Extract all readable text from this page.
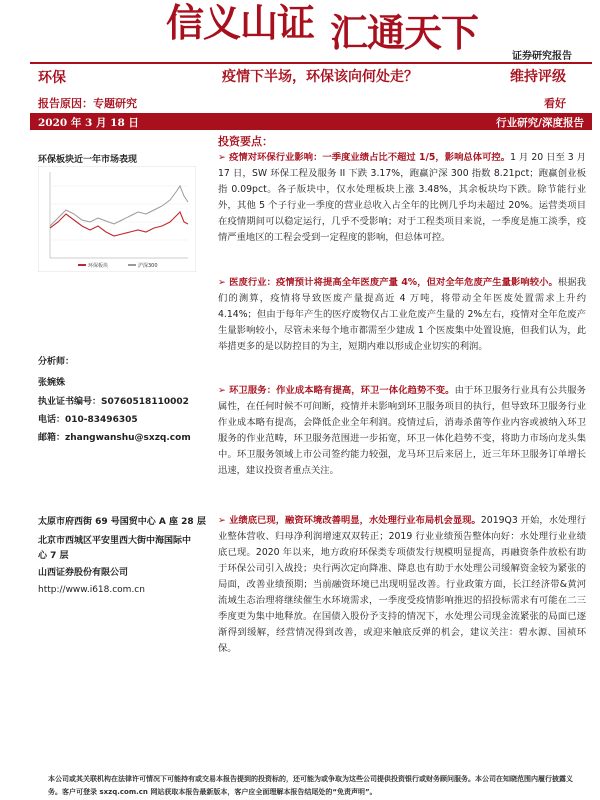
信义山证 汇通天下
证券研究报告
环保	疫情下半场，环保该向何处走？	维持评级
报告原因：专题研究	看好
2020 年 3 月 18 日	行业研究/深度报告
环保板块近一年市场表现
环保板块	沪深300
分析师：
张婉姝
执业证书编号：S0760518110002
电话：010-83496305
邮箱：zhangwanshu@sxzq.com
太原市府西街 69 号国贸中心 A 座 28 层
北京市西城区平安里西大街中海国际中
心 7 层
山西证券股份有限公司
http://www.i618.com.cn
投资要点：
➢ 疫情对环保行业影响：一季度业绩占比不超过 1/5，影响总体可控。1 月 20 日至 3 月 17 日，SW 环保工程及服务 II 下跌 3.17%，跑赢沪深 300 指数 8.21pct；跑赢创业板指 0.09pct。各子版块中，仅水处理板块上涨 3.48%，其余板块均下跌。除节能行业外，其他 5 个子行业一季度的营业总收入占全年的比例几乎均未超过 20%。运营类项目在疫情期间可以稳定运行，几乎不受影响；对于工程类项目来说，一季度是施工淡季，疫情严重地区的工程会受到一定程度的影响，但总体可控。
➢ 医废行业：疫情预计将提高全年医废产量 4%，但对全年危废产生量影响较小。根据我们的测算，疫情将导致医废产量提高近 4 万吨，将带动全年医废处置需求上升约 4.14%；但由于每年产生的医疗废物仅占工业危废产生量的 2%左右，疫情对全年危废产生量影响较小，尽管未来每个地市都需至少建成 1 个医废集中处置设施，但我们认为，此举措更多的是以防控目的为主，短期内难以形成企业切实的利润。
➢ 环卫服务：作业成本略有提高，环卫一体化趋势不变。由于环卫服务行业具有公共服务属性，在任何时候不可间断，疫情并未影响到环卫服务项目的执行，但导致环卫服务行业作业成本略有提高，会降低企业全年利润。疫情过后，消毒杀菌等作业内容或被纳入环卫服务的作业范畴，环卫服务范围进一步拓宽，环卫一体化趋势不变，将助力市场向龙头集中。环卫服务领域上市公司签约能力较强，龙马环卫后来居上，近三年环卫服务订单增长迅速，建议投资者重点关注。
➢ 业绩底已现，融资环境改善明显，水处理行业布局机会显现。2019Q3 开始，水处理行业整体营收、归母净利润增速双双转正；2019 行业业绩预告整体向好：水处理行业业绩底已现。2020 年以来，地方政府环保类专项债发行规模明显提高，再融资条件放松有助于环保公司引入战投；央行两次定向降准、降息也有助于水处理公司缓解资金较为紧张的局面，改善业绩预期；当前融资环境已出现明显改善。行业政策方面，长江经济带&黄河流域生态治理将继续催生水环境需求，一季度受疫情影响推迟的招投标需求有可能在二三季度更为集中地释放。在国债入股份予支持的情况下，水处理公司现金流紧张的局面已逐渐得到缓解，经营情况得到改善，或迎来触底反弹的机会，建议关注：碧水源、国祯环保。
本公司或其关联机构在法律许可情况下可能持有或交易本报告提到的投资标的，还可能为或争取为这些公司提供投资银行或财务顾问服务。本公司在知晓范围内履行披露义务。客户可登录 sxzq.com.cn 网站获取本报告最新版本，客户应全面理解本报告结尾处的“免责声明”。
